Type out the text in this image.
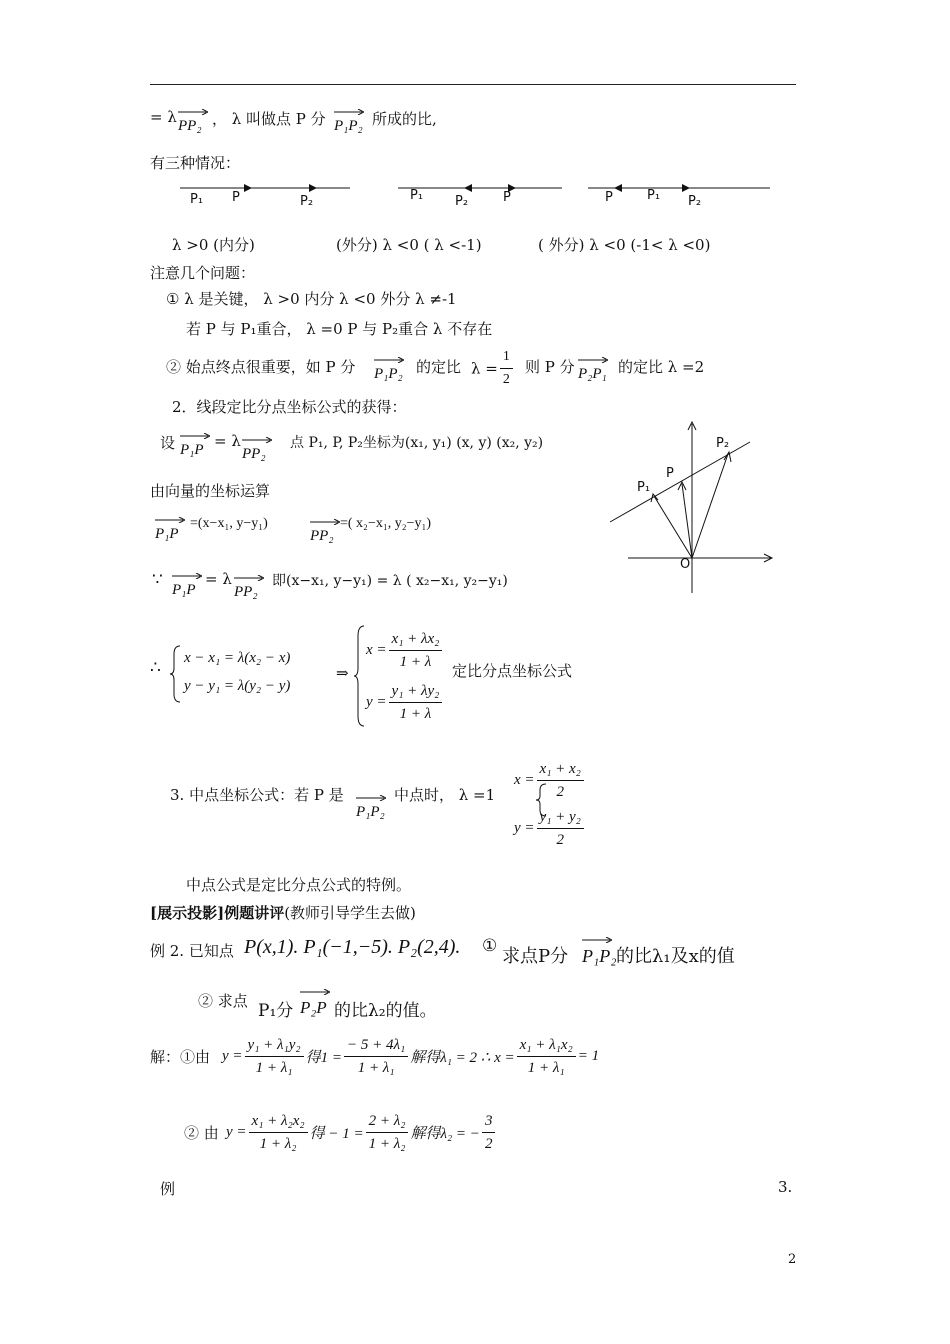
= λ PP₂ ， λ 叫做点 P 分 P₁P₂ 所成的比,
有三种情况：
P₁ P	P₂	P₁ P₂	P	P	P₁ P₂
λ >0 (内分)	(外分) λ <0 ( λ <-1)	( 外分) λ <0 (-1< λ <0)
注意几个问题：
① λ 是关键， λ >0 内分 λ <0 外分 λ ≠-1
若 P 与 P₁重合， λ =0 P 与 P₂重合 λ 不存在
② 始点终点很重要，如 P 分 P₁P₂ 的定比 $\lambda = \frac{1}{2}$ 则 P 分 P₂P₁ 的定比 λ =2
2．线段定比分点坐标公式的获得：
设 P₁P = λ
PP₂
点 P₁, P, P₂坐标为(x₁, y₁) (x, y) (x₂, y₂)
由向量的坐标运算
P₁P
=(x−x₁, y−y₁)
PP₂
=( x₂−x₁, y₂−y₁)
∵ P₁P
= λ
PP₂
即(x−x₁, y−y₁) = λ ( x₂−x₁, y₂−y₁)
∴ x − x₁ = λ(x₂ − x)
y − y₁ = λ(y₂ − y)
⇒
$x = \frac{\text{x₁ + λx₂}}{1 + \lambda}$
$y = \frac{\text{y₁ + λy₂}}{1 + \lambda}$
定比分点坐标公式
3. 中点坐标公式：若 P 是
P₁P₂
中点时， λ =1
$x = \frac{\text{x₁ + x₂}}{2}$
$y = \frac{\text{y₁ + y₂}}{2}$
中点公式是定比分点公式的特例。
[展示投影]例题讲评(教师引导学生去做)
例 2. 已知点 P(x,1). P₁(−1,−5). P₂(2,4). ① 求点P分 P₁P₂ 的比λ₁及x的值
② 求点 P₁分 P₂P 的比λ₂的值。
解：①由 $y = \frac{\text{y₁ + λ₁y₂}}{\text{1 + λ₁}}$ 得$1 = \frac{\text{− 5 + 4λ₁}}{\text{1 + λ₁}}$ 解得λ₁ = 2 ∴ $x = \frac{\text{x₁ + λ₁x₂}}{\text{1 + λ₁}} = 1$
② 由 $y = \frac{\text{x₁ + λ₂x₂}}{\text{1 + λ₂}}$ 得 − $1 = \frac{\text{2 + λ₂}}{\text{1 + λ₂}}$ 解得λ₂ = − $\frac{3}{2}$
例	3.
2
P₁
P
P₂
O
